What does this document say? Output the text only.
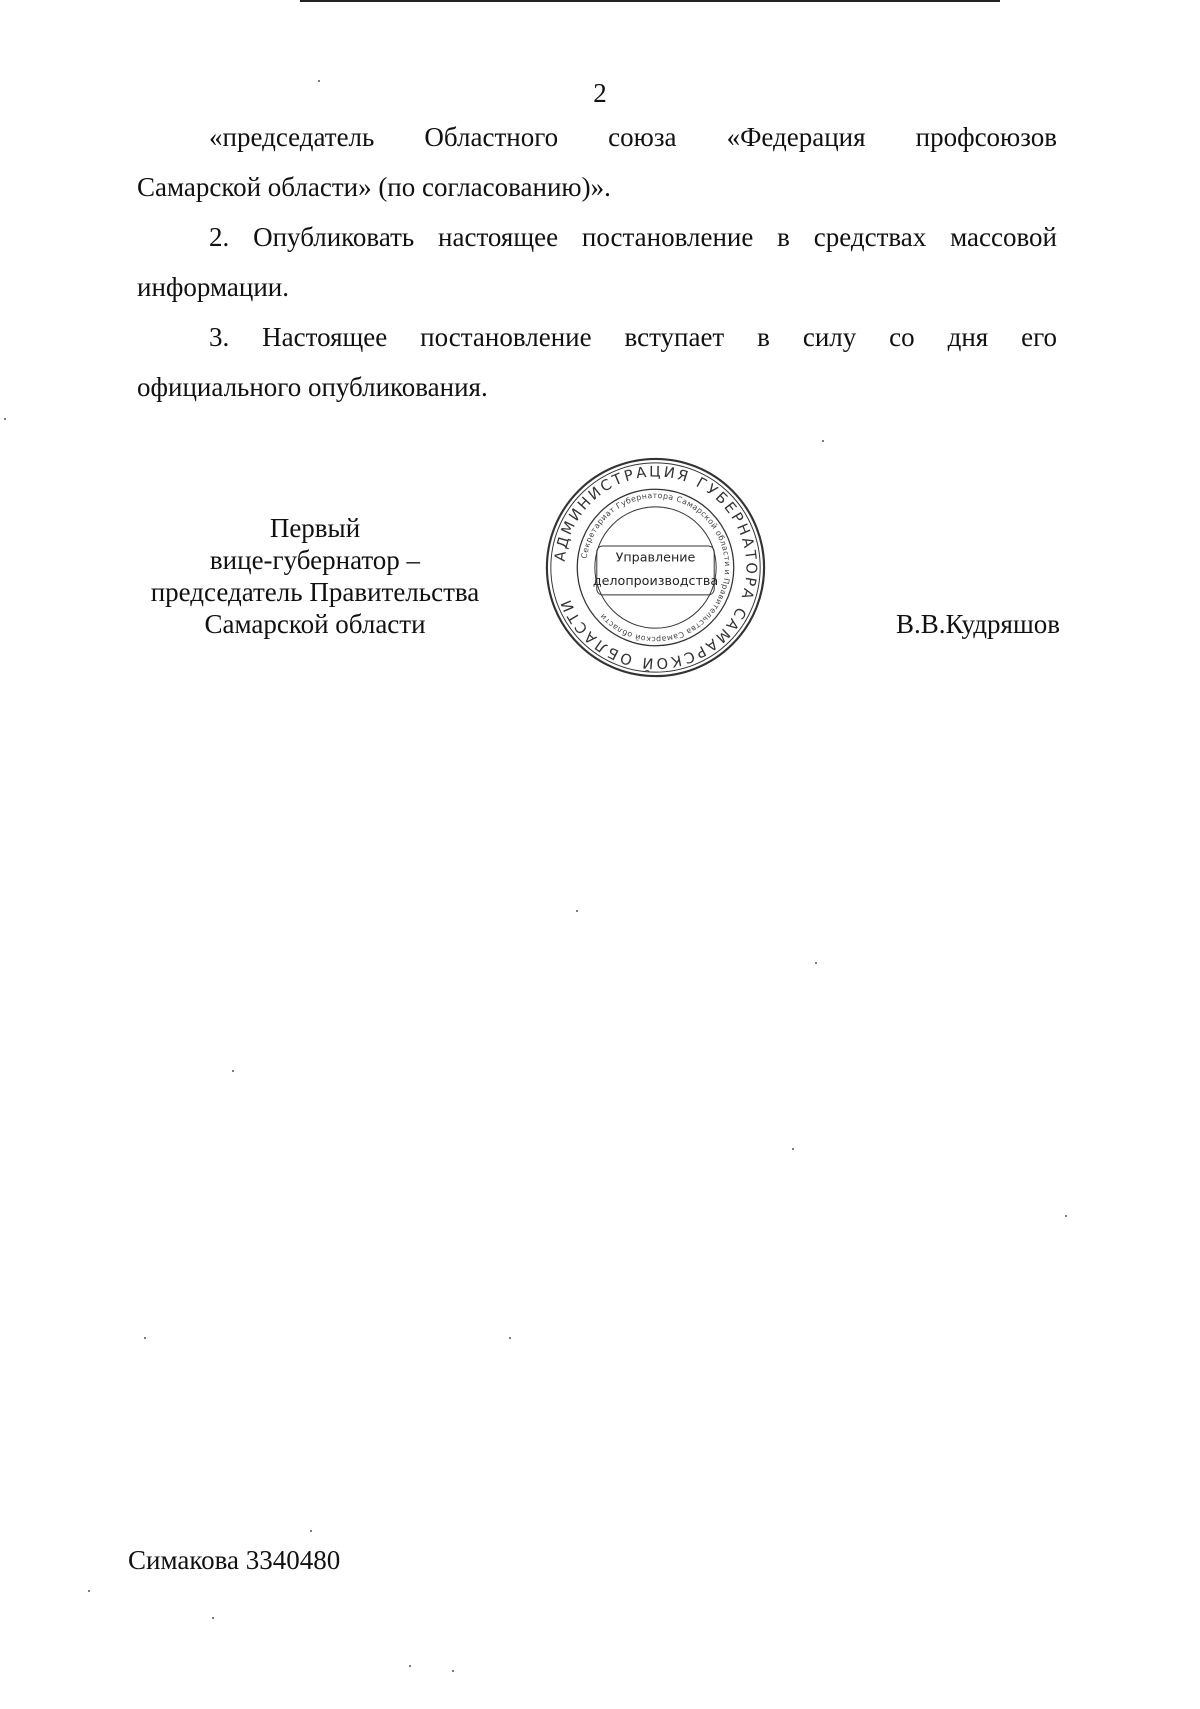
2
«председатель Областного союза «Федерация профсоюзов
Самарской области» (по согласованию)».
2. Опубликовать настоящее постановление в средствах массовой
информации.
3. Настоящее постановление вступает в силу со дня его
официального опубликования.
Первый
вице-губернатор –
председатель Правительства
Самарской области
АДМИНИСТРАЦИЯ ГУБЕРНАТОРА САМАРСКОЙ ОБЛАСТИ
Секретариат Губернатора Самарской области и Правительства Самарской области
Управление
делопроизводства
В.В.Кудряшов
Симакова 3340480
